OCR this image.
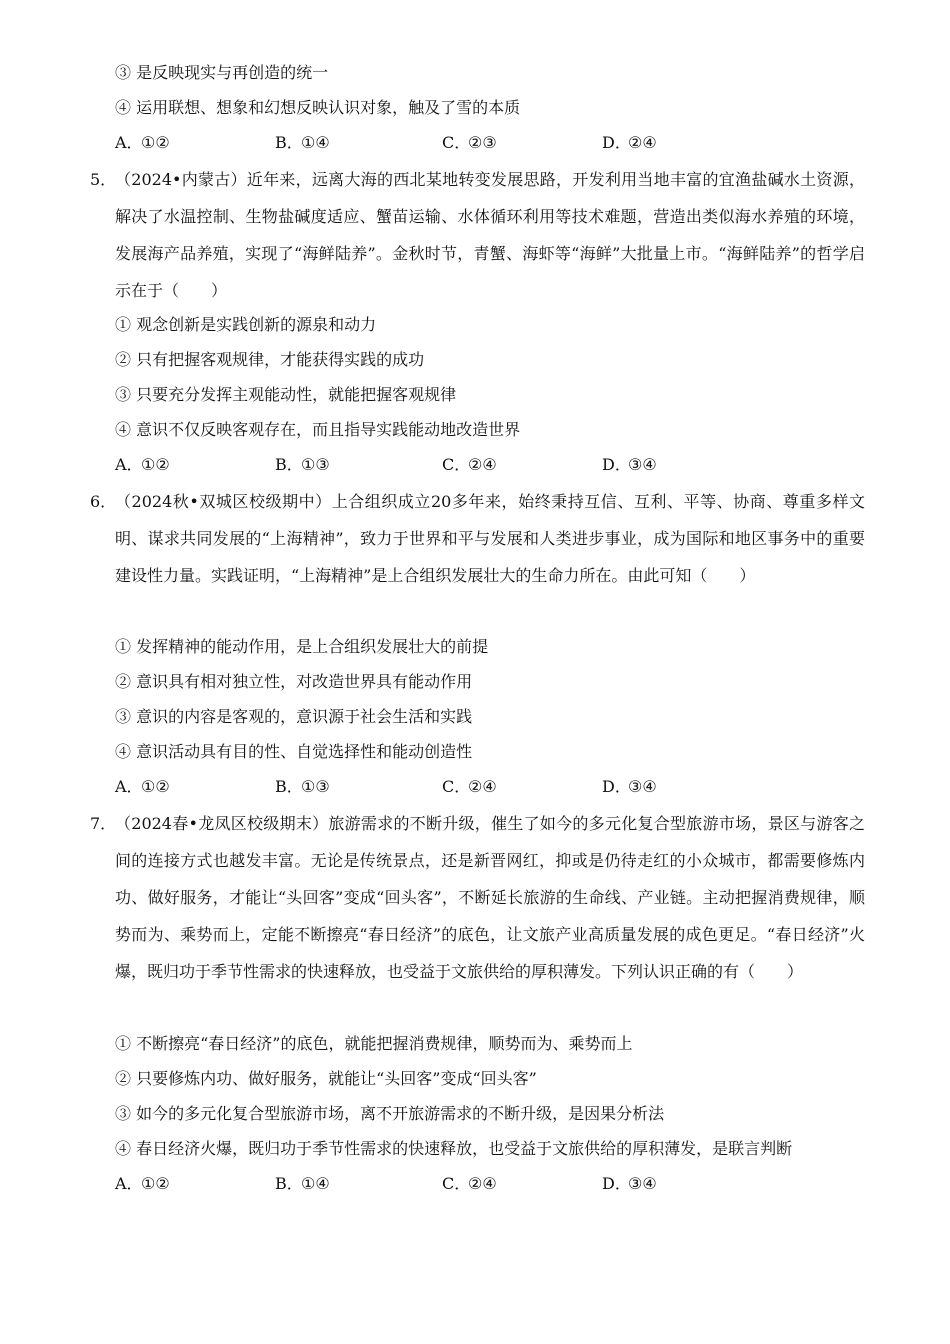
③ 是反映现实与再创造的统一
④ 运用联想、想象和幻想反映认识对象，触及了雪的本质
A．①②	B．①④	C．②③	D．②④
5．
（2024•内蒙古）近年来，远离大海的西北某地转变发展思路，开发利用当地丰富的宜渔盐碱水土资源，解决了水温控制、生物盐碱度适应、蟹苗运输、水体循环利用等技术难题，营造出类似海水养殖的环境，发展海产品养殖，实现了“海鲜陆养”。金秋时节，青蟹、海虾等“海鲜”大批量上市。“海鲜陆养”的哲学启示在于（　　）
① 观念创新是实践创新的源泉和动力
② 只有把握客观规律，才能获得实践的成功
③ 只要充分发挥主观能动性，就能把握客观规律
④ 意识不仅反映客观存在，而且指导实践能动地改造世界
A．①②	B．①③	C．②④	D．③④
6．
（2024秋•双城区校级期中）上合组织成立20多年来，始终秉持互信、互利、平等、协商、尊重多样文明、谋求共同发展的“上海精神”，致力于世界和平与发展和人类进步事业，成为国际和地区事务中的重要建设性力量。实践证明，“上海精神”是上合组织发展壮大的生命力所在。由此可知（　　）
① 发挥精神的能动作用，是上合组织发展壮大的前提
② 意识具有相对独立性，对改造世界具有能动作用
③ 意识的内容是客观的，意识源于社会生活和实践
④ 意识活动具有目的性、自觉选择性和能动创造性
A．①②	B．①③	C．②④	D．③④
7．
（2024春•龙凤区校级期末）旅游需求的不断升级，催生了如今的多元化复合型旅游市场，景区与游客之间的连接方式也越发丰富。无论是传统景点，还是新晋网红，抑或是仍待走红的小众城市，都需要修炼内功、做好服务，才能让“头回客”变成“回头客”，不断延长旅游的生命线、产业链。主动把握消费规律，顺势而为、乘势而上，定能不断擦亮“春日经济”的底色，让文旅产业高质量发展的成色更足。“春日经济”火爆，既归功于季节性需求的快速释放，也受益于文旅供给的厚积薄发。下列认识正确的有（　　）
① 不断擦亮“春日经济”的底色，就能把握消费规律，顺势而为、乘势而上
② 只要修炼内功、做好服务，就能让“头回客”变成“回头客”
③ 如今的多元化复合型旅游市场，离不开旅游需求的不断升级，是因果分析法
④ 春日经济火爆，既归功于季节性需求的快速释放，也受益于文旅供给的厚积薄发，是联言判断
A．①②	B．①④	C．②④	D．③④
